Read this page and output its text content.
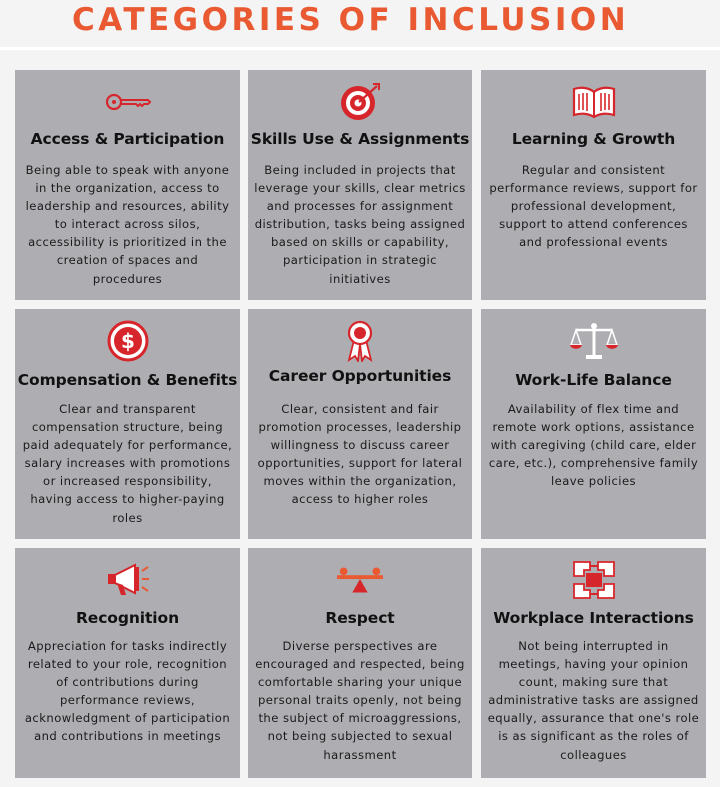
CATEGORIES OF INCLUSION
Access & Participation

Being able to speak with anyone in the organization, access to leadership and resources, ability to interact across silos, accessibility is prioritized in the creation of spaces and procedures

Skills Use & Assignments

Being included in projects that leverage your skills, clear metrics and processes for assignment distribution, tasks being assigned based on skills or capability, participation in strategic initiatives

Learning & Growth

Regular and consistent performance reviews, support for professional development, support to attend conferences and professional events

$
Compensation & Benefits

Clear and transparent compensation structure, being paid adequately for performance, salary increases with promotions or increased responsibility, having access to higher-paying roles

Career Opportunities

Clear, consistent and fair promotion processes, leadership willingness to discuss career opportunities, support for lateral moves within the organization, access to higher roles

Work-Life Balance

Availability of flex time and remote work options, assistance with caregiving (child care, elder care, etc.), comprehensive family leave policies

Recognition

Appreciation for tasks indirectly related to your role, recognition of contributions during performance reviews, acknowledgment of participation and contributions in meetings

Respect

Diverse perspectives are encouraged and respected, being comfortable sharing your unique personal traits openly, not being the subject of microaggressions, not being subjected to sexual harassment

Workplace Interactions

Not being interrupted in meetings, having your opinion count, making sure that administrative tasks are assigned equally, assurance that one's role is as significant as the roles of colleagues
